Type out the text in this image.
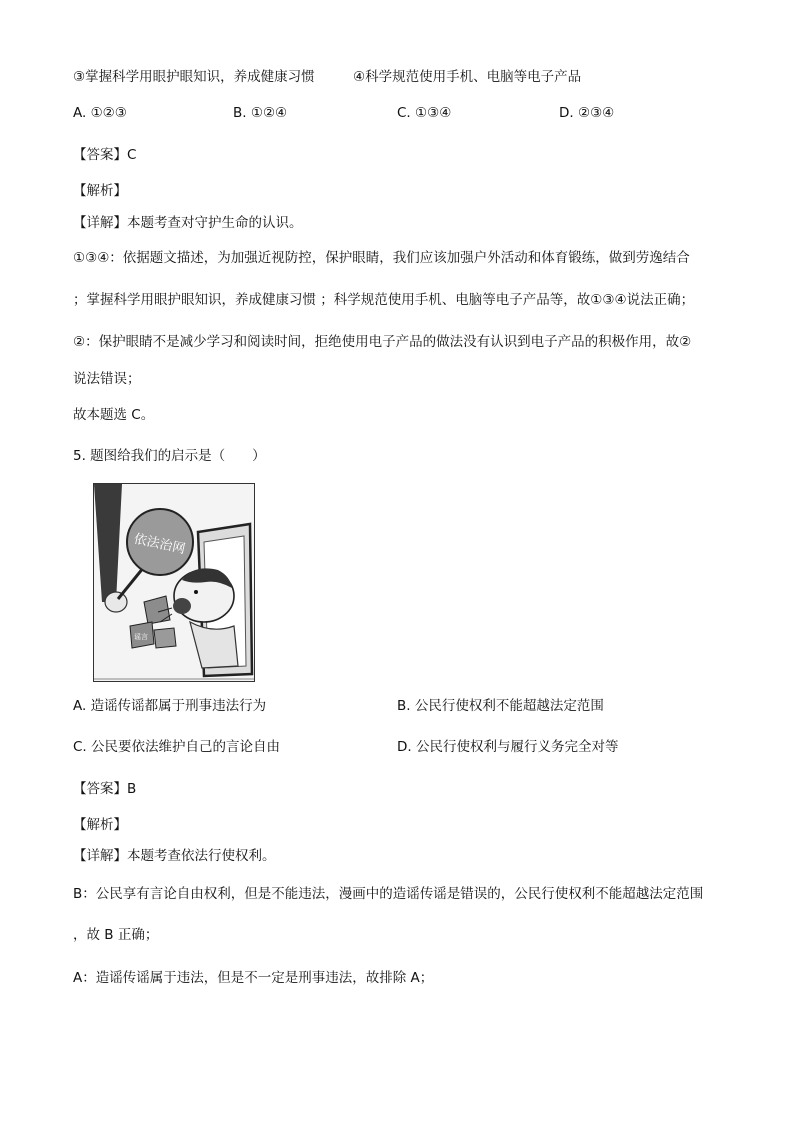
③掌握科学用眼护眼知识，养成健康习惯	④科学规范使用手机、电脑等电子产品
A. ①②③	B. ①②④	C. ①③④	D. ②③④
【答案】C
【解析】
【详解】本题考查对守护生命的认识。
①③④：依据题文描述，为加强近视防控，保护眼睛，我们应该加强户外活动和体育锻练，做到劳逸结合
；掌握科学用眼护眼知识，养成健康习惯 ；科学规范使用手机、电脑等电子产品等，故①③④说法正确；
②：保护眼睛不是减少学习和阅读时间，拒绝使用电子产品的做法没有认识到电子产品的积极作用，故②
说法错误；
故本题选 C。
5. 题图给我们的启示是（　　）
依法治网
谣言
A. 造谣传谣都属于刑事违法行为	B. 公民行使权利不能超越法定范围
C. 公民要依法维护自己的言论自由	D. 公民行使权利与履行义务完全对等
【答案】B
【解析】
【详解】本题考查依法行使权利。
B：公民享有言论自由权利，但是不能违法，漫画中的造谣传谣是错误的，公民行使权利不能超越法定范围
，故 B 正确；
A：造谣传谣属于违法，但是不一定是刑事违法，故排除 A；
